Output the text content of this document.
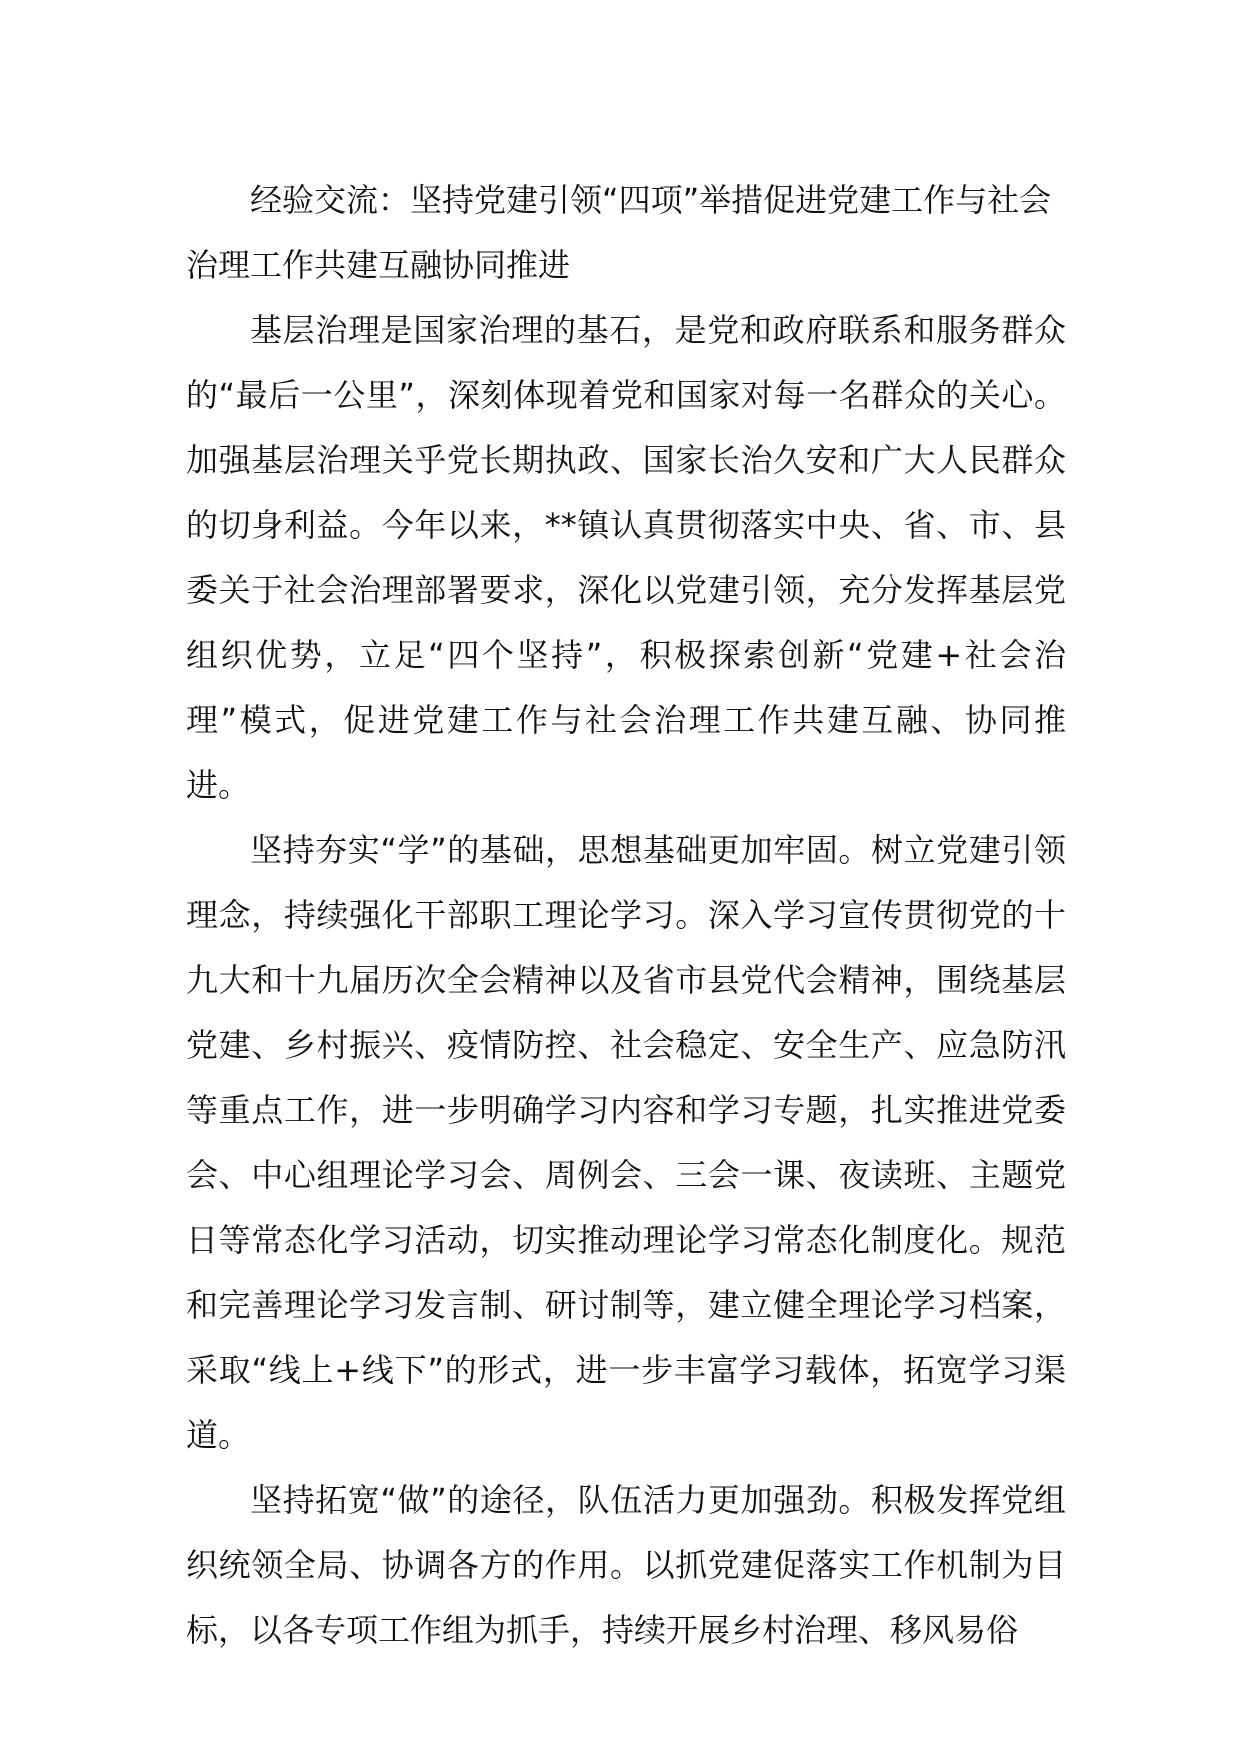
经验交流：坚持党建引领“四项”举措促进党建工作与社会治理工作共建互融协同推进

基层治理是国家治理的基石，是党和政府联系和服务群众的“最后一公里”，深刻体现着党和国家对每一名群众的关心。加强基层治理关乎党长期执政、国家长治久安和广大人民群众的切身利益。今年以来，**镇认真贯彻落实中央、省、市、县委关于社会治理部署要求，深化以党建引领，充分发挥基层党组织优势，立足“四个坚持”，积极探索创新“党建+社会治理”模式，促进党建工作与社会治理工作共建互融、协同推进。

坚持夯实“学”的基础，思想基础更加牢固。树立党建引领理念，持续强化干部职工理论学习。深入学习宣传贯彻党的十九大和十九届历次全会精神以及省市县党代会精神，围绕基层党建、乡村振兴、疫情防控、社会稳定、安全生产、应急防汛等重点工作，进一步明确学习内容和学习专题，扎实推进党委会、中心组理论学习会、周例会、三会一课、夜读班、主题党日等常态化学习活动，切实推动理论学习常态化制度化。规范和完善理论学习发言制、研讨制等，建立健全理论学习档案，采取“线上+线下”的形式，进一步丰富学习载体，拓宽学习渠道。

坚持拓宽“做”的途径，队伍活力更加强劲。积极发挥党组织统领全局、协调各方的作用。以抓党建促落实工作机制为目标，以各专项工作组为抓手，持续开展乡村治理、移风易俗
